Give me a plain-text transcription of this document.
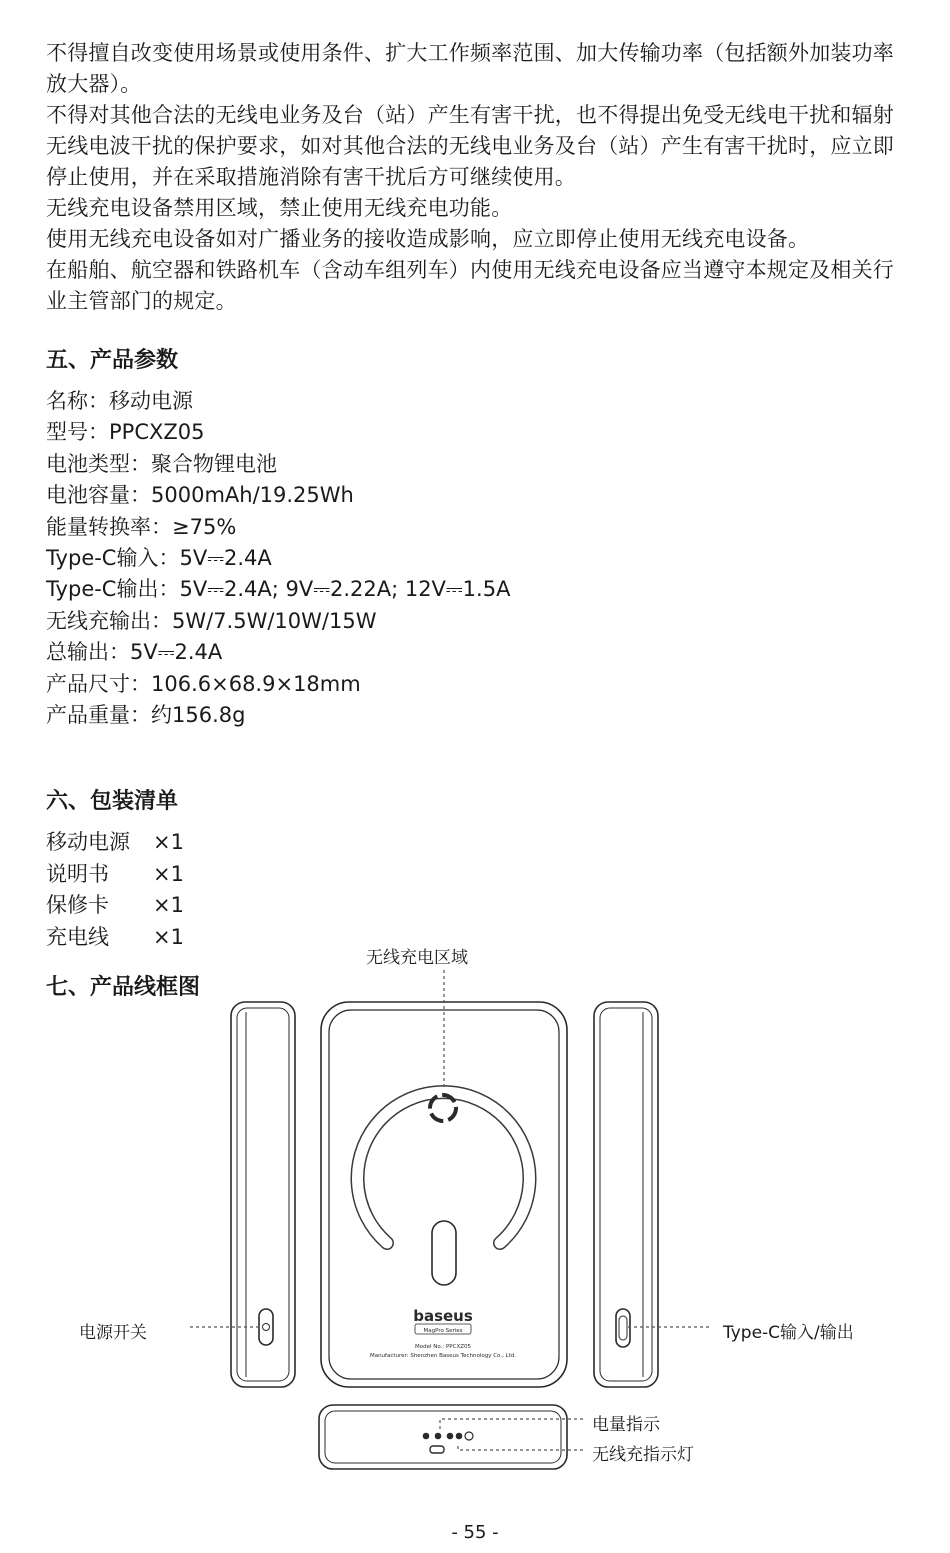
不得擅自改变使用场景或使用条件、扩大工作频率范围、加大传输功率（包括额外加装功率放大器）。

不得对其他合法的无线电业务及台（站）产生有害干扰，也不得提出免受无线电干扰和辐射无线电波干扰的保护要求，如对其他合法的无线电业务及台（站）产生有害干扰时，应立即停止使用，并在采取措施消除有害干扰后方可继续使用。

无线充电设备禁用区域，禁止使用无线充电功能。

使用无线充电设备如对广播业务的接收造成影响，应立即停止使用无线充电设备。

在船舶、航空器和铁路机车（含动车组列车）内使用无线充电设备应当遵守本规定及相关行业主管部门的规定。

五、产品参数

名称：移动电源

型号：PPCXZ05

电池类型：聚合物锂电池

电池容量：5000mAh/19.25Wh

能量转换率：≥75%

Type-C输入：5V⎓2.4A

Type-C输出：5V⎓2.4A; 9V⎓2.22A; 12V⎓1.5A

无线充输出：5W/7.5W/10W/15W

总输出：5V⎓2.4A

产品尺寸：106.6×68.9×18mm

产品重量：约156.8g

六、包装清单
移动电源	×1
说明书	×1
保修卡	×1
充电线	×1
七、产品线框图
无线充电区域
电源开关	Type-C输入/输出
电量指示
无线充指示灯
baseus
MagPro Series
Model No.: PPCXZ05
Manufacturer: Shenzhen Baseus Technology Co., Ltd.
- 55 -
